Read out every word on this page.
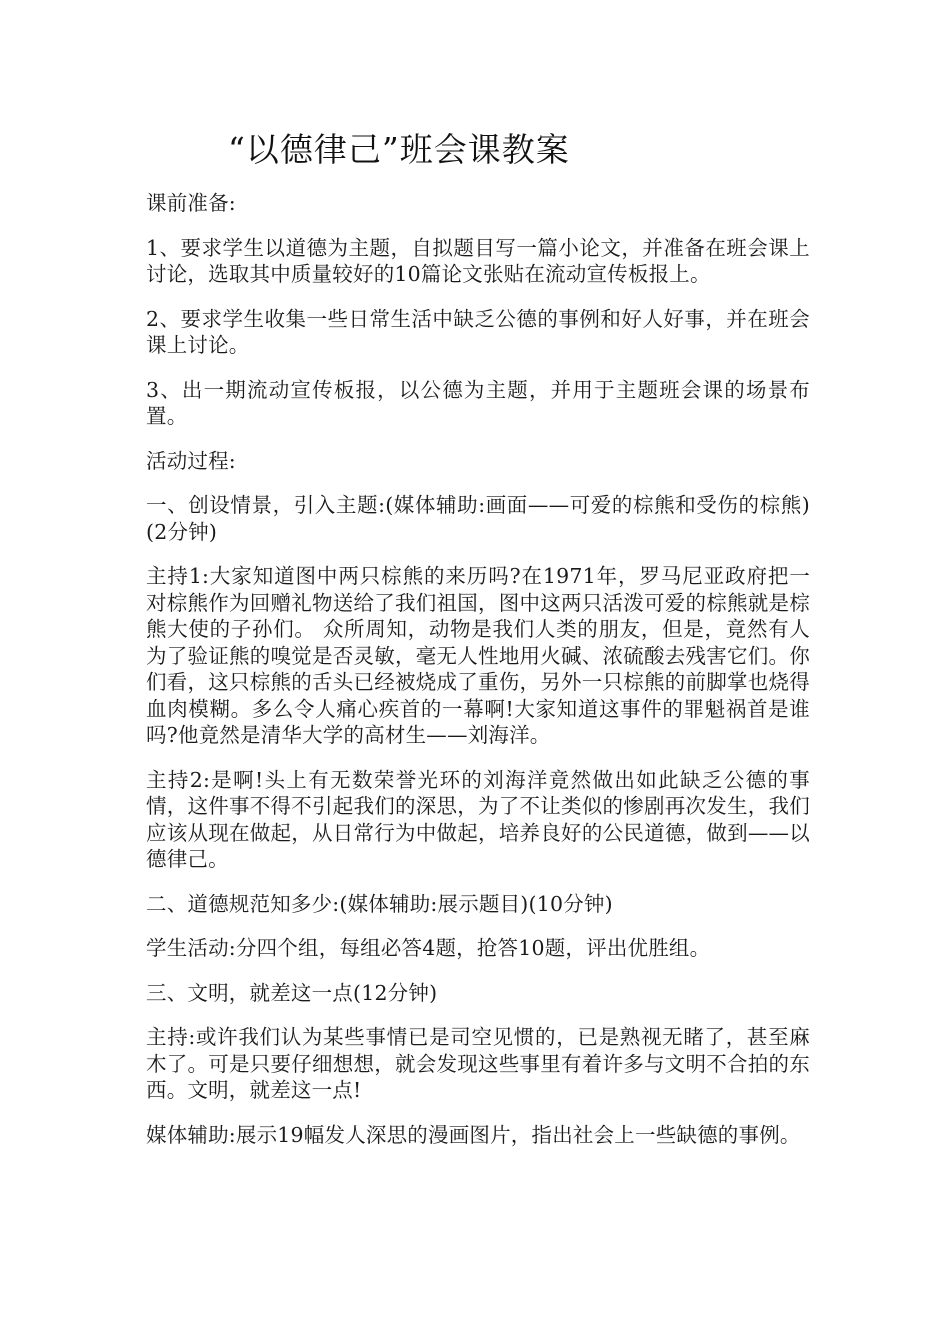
“以德律己”班会课教案

课前准备:

1、要求学生以道德为主题，自拟题目写一篇小论文，并准备在班会课上讨论，选取其中质量较好的10篇论文张贴在流动宣传板报上。

2、要求学生收集一些日常生活中缺乏公德的事例和好人好事，并在班会课上讨论。

3、出一期流动宣传板报，以公德为主题，并用于主题班会课的场景布置。

活动过程:

一、创设情景，引入主题:(媒体辅助:画面——可爱的棕熊和受伤的棕熊)(2分钟)

主持1:大家知道图中两只棕熊的来历吗?在1971年，罗马尼亚政府把一对棕熊作为回赠礼物送给了我们祖国，图中这两只活泼可爱的棕熊就是棕熊大使的子孙们。 众所周知，动物是我们人类的朋友，但是，竟然有人为了验证熊的嗅觉是否灵敏，毫无人性地用火碱、浓硫酸去残害它们。你们看，这只棕熊的舌头已经被烧成了重伤，另外一只棕熊的前脚掌也烧得血肉模糊。多么令人痛心疾首的一幕啊!大家知道这事件的罪魁祸首是谁吗?他竟然是清华大学的高材生——刘海洋。

主持2:是啊!头上有无数荣誉光环的刘海洋竟然做出如此缺乏公德的事情，这件事不得不引起我们的深思，为了不让类似的惨剧再次发生，我们应该从现在做起，从日常行为中做起，培养良好的公民道德，做到——以德律己。

二、道德规范知多少:(媒体辅助:展示题目)(10分钟)

学生活动:分四个组，每组必答4题，抢答10题，评出优胜组。

三、文明，就差这一点(12分钟)

主持:或许我们认为某些事情已是司空见惯的，已是熟视无睹了，甚至麻木了。可是只要仔细想想，就会发现这些事里有着许多与文明不合拍的东西。文明，就差这一点!

媒体辅助:展示19幅发人深思的漫画图片，指出社会上一些缺德的事例。
